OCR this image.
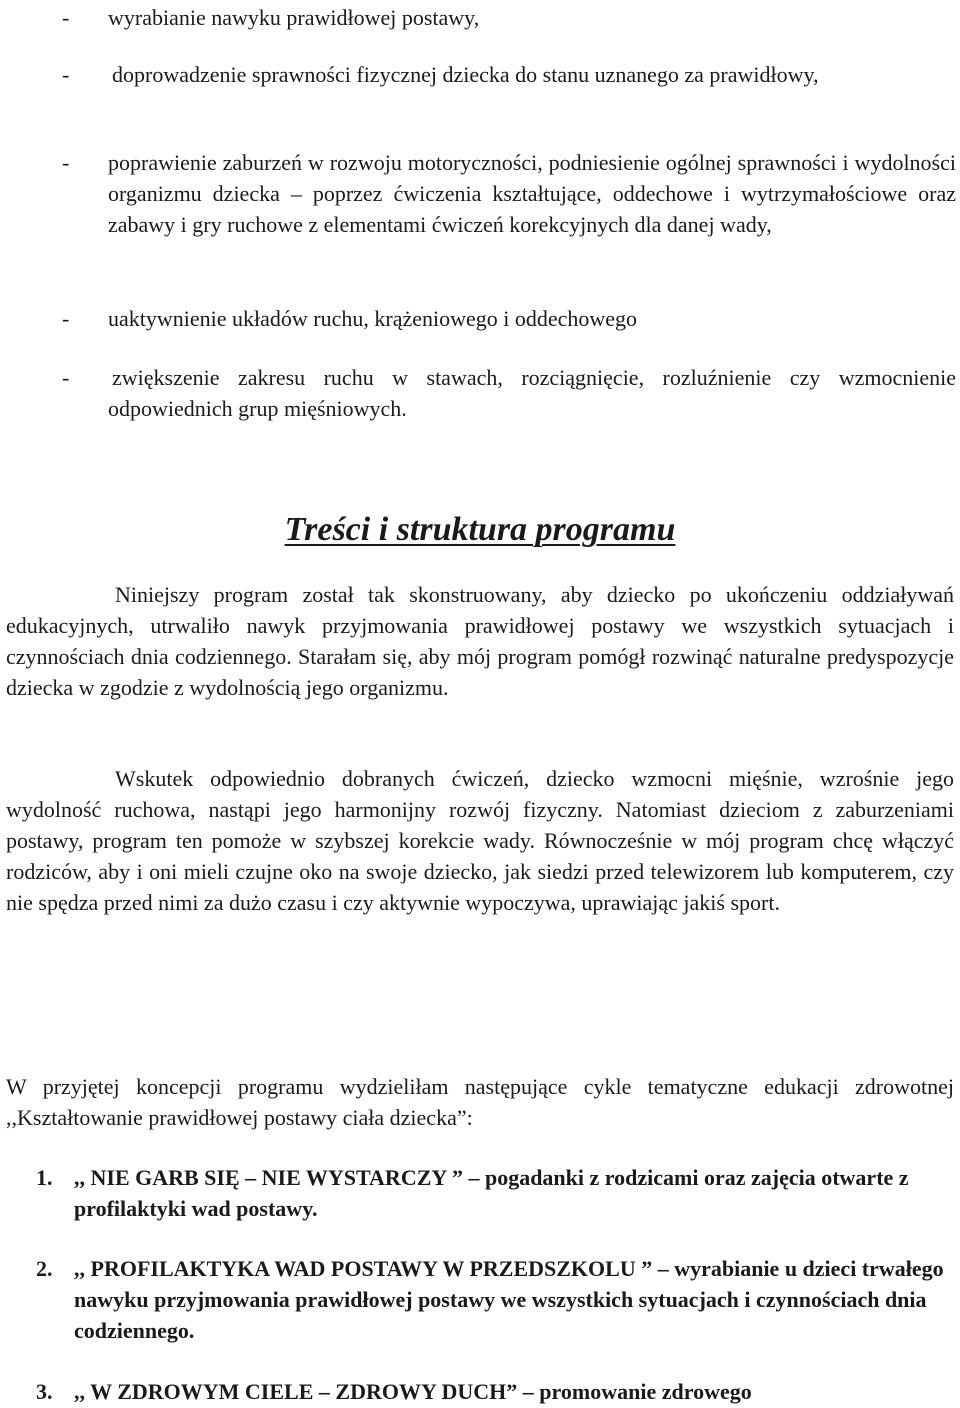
- wyrabianie nawyku prawidłowej postawy,
- doprowadzenie sprawności fizycznej dziecka do stanu uznanego za prawidłowy,
- poprawienie zaburzeń w rozwoju motoryczności, podniesienie ogólnej sprawności i wydolności organizmu dziecka – poprzez ćwiczenia kształtujące, oddechowe i wytrzymałościowe oraz zabawy i gry ruchowe z elementami ćwiczeń korekcyjnych dla danej wady,
- uaktywnienie układów ruchu, krążeniowego i oddechowego
- zwiększenie zakresu ruchu w stawach, rozciągnięcie, rozluźnienie czy wzmocnienie odpowiednich grup mięśniowych.
Treści i struktura programu
Niniejszy program został tak skonstruowany, aby dziecko po ukończeniu oddziaływań edukacyjnych, utrwaliło nawyk przyjmowania prawidłowej postawy we wszystkich sytuacjach i czynnościach dnia codziennego. Starałam się, aby mój program pomógł rozwinąć naturalne predyspozycje dziecka w zgodzie z wydolnością jego organizmu.
Wskutek odpowiednio dobranych ćwiczeń, dziecko wzmocni mięśnie, wzrośnie jego wydolność ruchowa, nastąpi jego harmonijny rozwój fizyczny. Natomiast dzieciom z zaburzeniami postawy, program ten pomoże w szybszej korekcie wady. Równocześnie w mój program chcę włączyć rodziców, aby i oni mieli czujne oko na swoje dziecko, jak siedzi przed telewizorem lub komputerem, czy nie spędza przed nimi za dużo czasu i czy aktywnie wypoczywa, uprawiając jakiś sport.
W przyjętej koncepcji programu wydzieliłam następujące cykle tematyczne edukacji zdrowotnej ,,Kształtowanie prawidłowej postawy ciała dziecka”:
1. ,, NIE GARB SIĘ – NIE WYSTARCZY ” – pogadanki z rodzicami oraz zajęcia otwarte z profilaktyki wad postawy.
2. ,, PROFILAKTYKA WAD POSTAWY W PRZEDSZKOLU ” – wyrabianie u dzieci trwałego nawyku przyjmowania prawidłowej postawy we wszystkich sytuacjach i czynnościach dnia codziennego.
3. ,, W ZDROWYM CIELE – ZDROWY DUCH” – promowanie zdrowego
